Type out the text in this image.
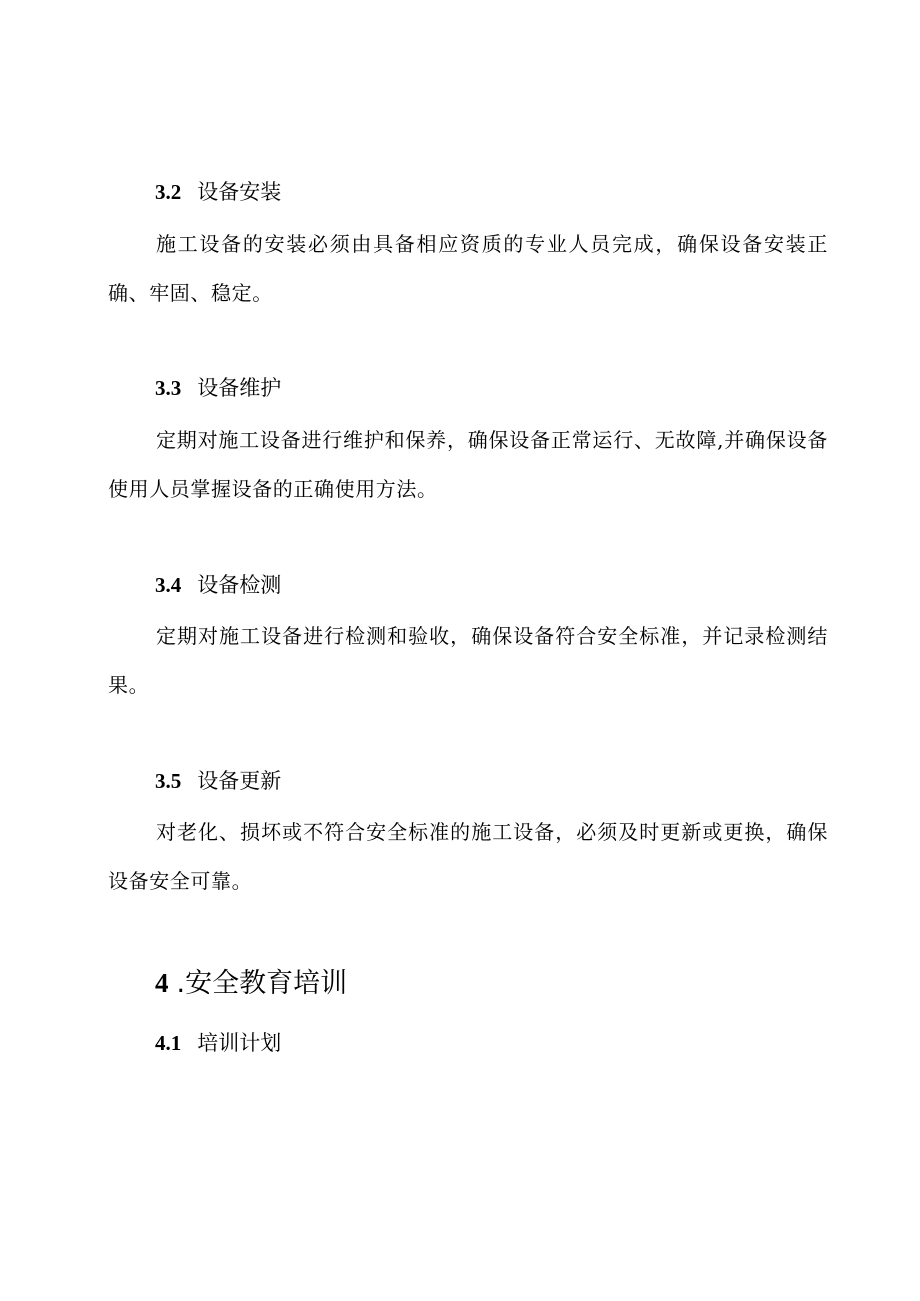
3.2 设备安装
施工设备的安装必须由具备相应资质的专业人员完成，确保设备安装正确、牢固、稳定。
3.3 设备维护
定期对施工设备进行维护和保养，确保设备正常运行、无故障,并确保设备使用人员掌握设备的正确使用方法。
3.4 设备检测
定期对施工设备进行检测和验收，确保设备符合安全标准，并记录检测结果。
3.5 设备更新
对老化、损坏或不符合安全标准的施工设备，必须及时更新或更换，确保设备安全可靠。
4 .安全教育培训
4.1 培训计划
